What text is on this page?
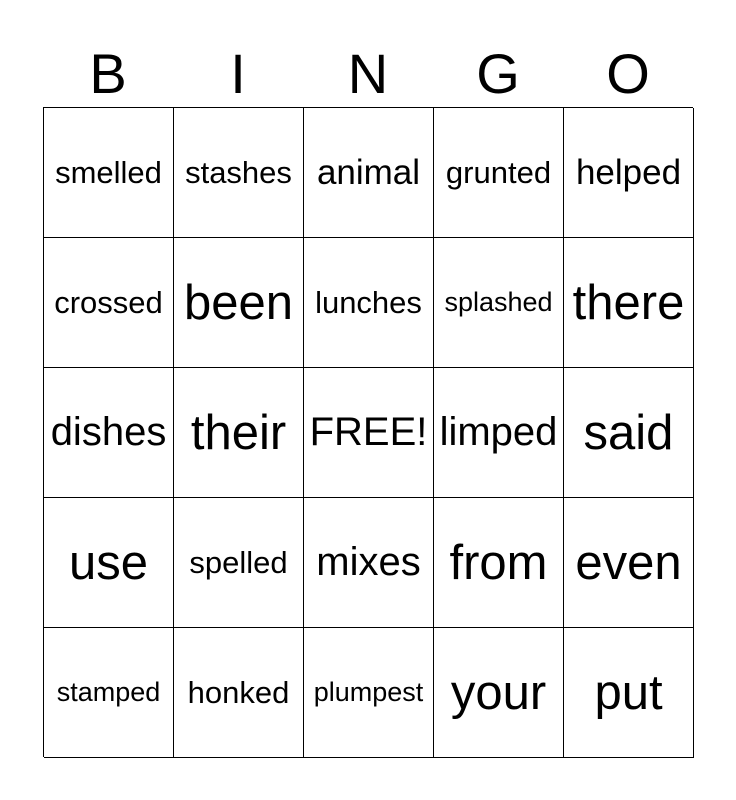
B	I	N	G	O
smelled stashes animal grunted helped
crossed been lunches splashed there
dishes their FREE! limped said
use	spelled mixes from even
stamped honked plumpest your put
